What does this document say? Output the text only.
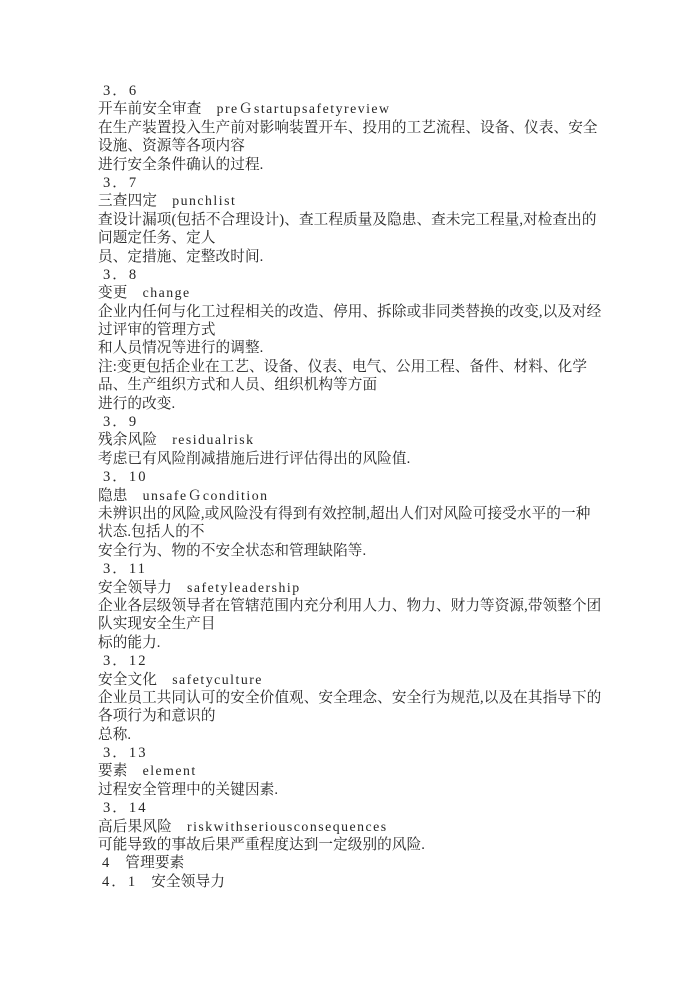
3．6
开车前安全审查 preＧstartupsafetyreview
在生产装置投入生产前对影响装置开车、投用的工艺流程、设备、仪表、安全
设施、资源等各项内容
进行安全条件确认的过程.
3．7
三查四定 punchlist
查设计漏项(包括不合理设计)、查工程质量及隐患、查未完工程量,对检查出的
问题定任务、定人
员、定措施、定整改时间.
3．8
变更 change
企业内任何与化工过程相关的改造、停用、拆除或非同类替换的改变,以及对经
过评审的管理方式
和人员情况等进行的调整.
注:变更包括企业在工艺、设备、仪表、电气、公用工程、备件、材料、化学
品、生产组织方式和人员、组织机构等方面
进行的改变.
3．9
残余风险 residualrisk
考虑已有风险削减措施后进行评估得出的风险值.
3．10
隐患 unsafeＧcondition
未辨识出的风险,或风险没有得到有效控制,超出人们对风险可接受水平的一种
状态.包括人的不
安全行为、物的不安全状态和管理缺陷等.
3．11
安全领导力 safetyleadership
企业各层级领导者在管辖范围内充分利用人力、物力、财力等资源,带领整个团
队实现安全生产目
标的能力.
3．12
安全文化 safetyculture
企业员工共同认可的安全价值观、安全理念、安全行为规范,以及在其指导下的
各项行为和意识的
总称.
3．13
要素 element
过程安全管理中的关键因素.
3．14
高后果风险 riskwithseriousconsequences
可能导致的事故后果严重程度达到一定级别的风险.
4 管理要素
4．1 安全领导力
